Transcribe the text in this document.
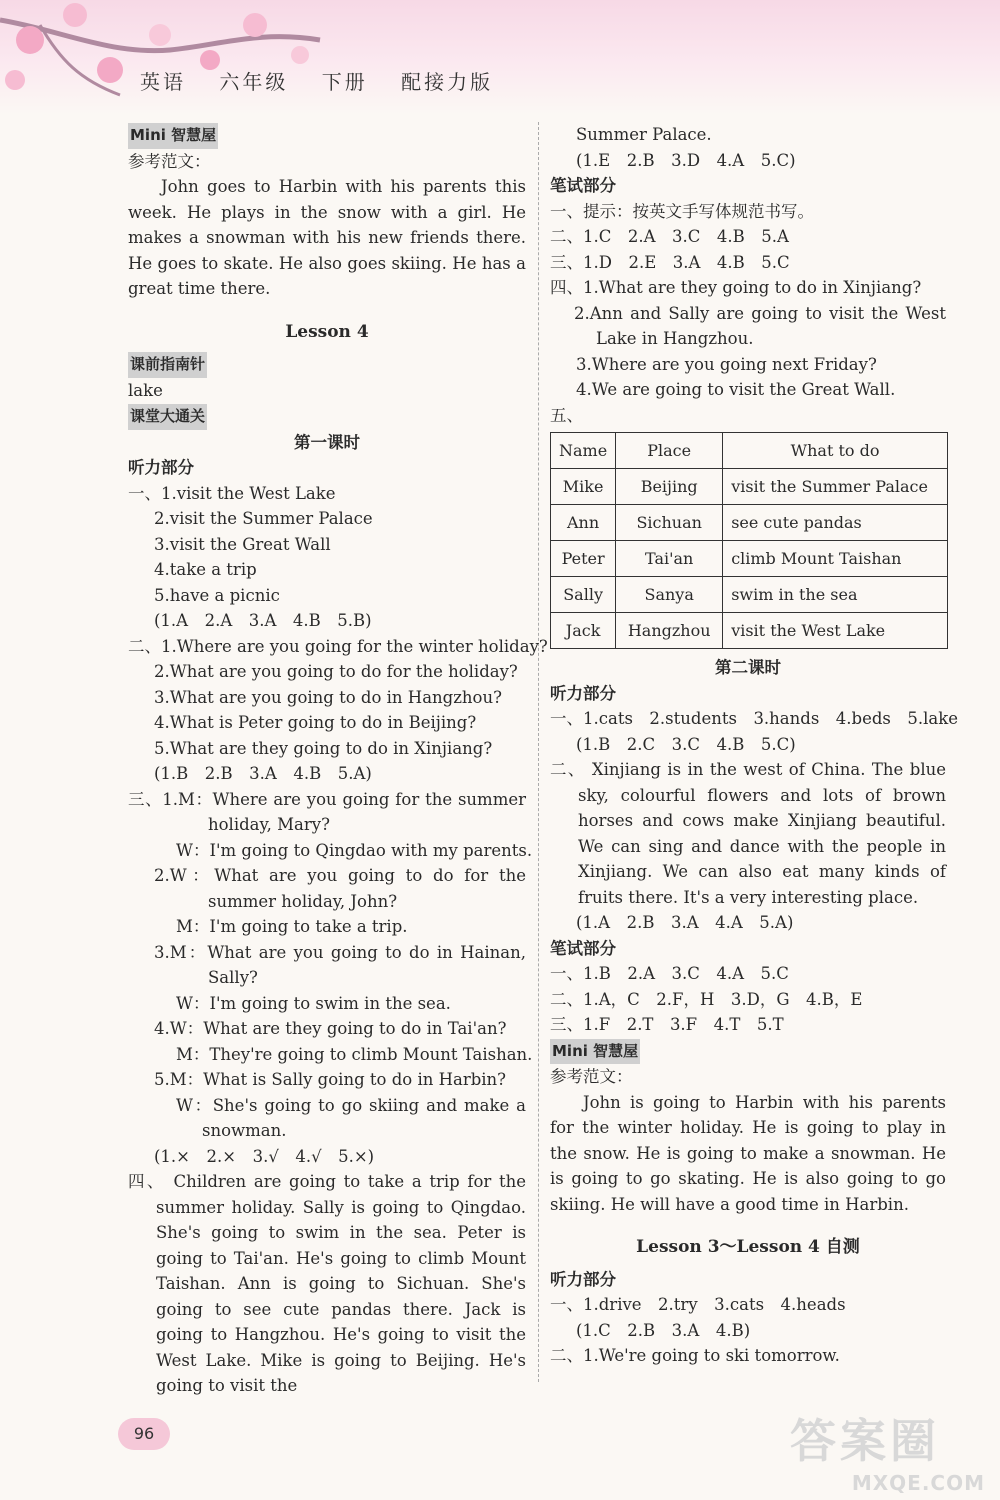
英语 六年级 下册 配接力版
Mini 智慧屋
参考范文：
John goes to Harbin with his parents this week. He plays in the snow with a girl. He makes a snowman with his new friends there. He goes to skate. He also goes skiing. He has a great time there.
Lesson 4
课前指南针
lake
课堂大通关
第一课时
听力部分
一、1.visit the West Lake
2.visit the Summer Palace
3.visit the Great Wall
4.take a trip
5.have a picnic
(1.A　2.A　3.A　4.B　5.B)
二、1.Where are you going for the winter holiday?
2.What are you going to do for the holiday?
3.What are you going to do in Hangzhou?
4.What is Peter going to do in Beijing?
5.What are they going to do in Xinjiang?
(1.B　2.B　3.A　4.B　5.A)
三、1.M：Where are you going for the summer holiday, Mary?
W：I'm going to Qingdao with my parents.
2.W：What are you going to do for the summer holiday, John?
M：I'm going to take a trip.
3.M：What are you going to do in Hainan, Sally?
W：I'm going to swim in the sea.
4.W：What are they going to do in Tai'an?
M：They're going to climb Mount Taishan.
5.M：What is Sally going to do in Harbin?
W：She's going to go skiing and make a snowman.
(1.×　2.×　3.√　4.√　5.×)
四、 Children are going to take a trip for the summer holiday. Sally is going to Qingdao. She's going to swim in the sea. Peter is going to Tai'an. He's going to climb Mount Taishan. Ann is going to Sichuan. She's going to see cute pandas there. Jack is going to Hangzhou. He's going to visit the West Lake. Mike is going to Beijing. He's going to visit the
Summer Palace.
(1.E　2.B　3.D　4.A　5.C)
笔试部分
一、提示：按英文手写体规范书写。
二、1.C　2.A　3.C　4.B　5.A
三、1.D　2.E　3.A　4.B　5.C
四、1.What are they going to do in Xinjiang?
2.Ann and Sally are going to visit the West Lake in Hangzhou.
3.Where are you going next Friday?
4.We are going to visit the Great Wall.
五、
Name	Place	What to do
Mike	Beijing	visit the Summer Palace
Ann	Sichuan	see cute pandas
Peter	Tai'an	climb Mount Taishan
Sally	Sanya	swim in the sea
Jack	Hangzhou	visit the West Lake
第二课时
听力部分
一、1.cats　2.students　3.hands　4.beds　5.lake
(1.B　2.C　3.C　4.B　5.C)
二、 Xinjiang is in the west of China. The blue sky, colourful flowers and lots of brown horses and cows make Xinjiang beautiful. We can sing and dance with the people in Xinjiang. We can also eat many kinds of fruits there. It's a very interesting place.
(1.A　2.B　3.A　4.A　5.A)
笔试部分
一、1.B　2.A　3.C　4.A　5.C
二、1.A，C　2.F，H　3.D，G　4.B，E
三、1.F　2.T　3.F　4.T　5.T
Mini 智慧屋
参考范文：
John is going to Harbin with his parents for the winter holiday. He is going to play in the snow. He is going to make a snowman. He is going to go skating. He is also going to go skiing. He will have a good time in Harbin.
Lesson 3～Lesson 4 自测
听力部分
一、1.drive　2.try　3.cats　4.heads
(1.C　2.B　3.A　4.B)
二、1.We're going to ski tomorrow.
96	答案圈
MXQE.COM
